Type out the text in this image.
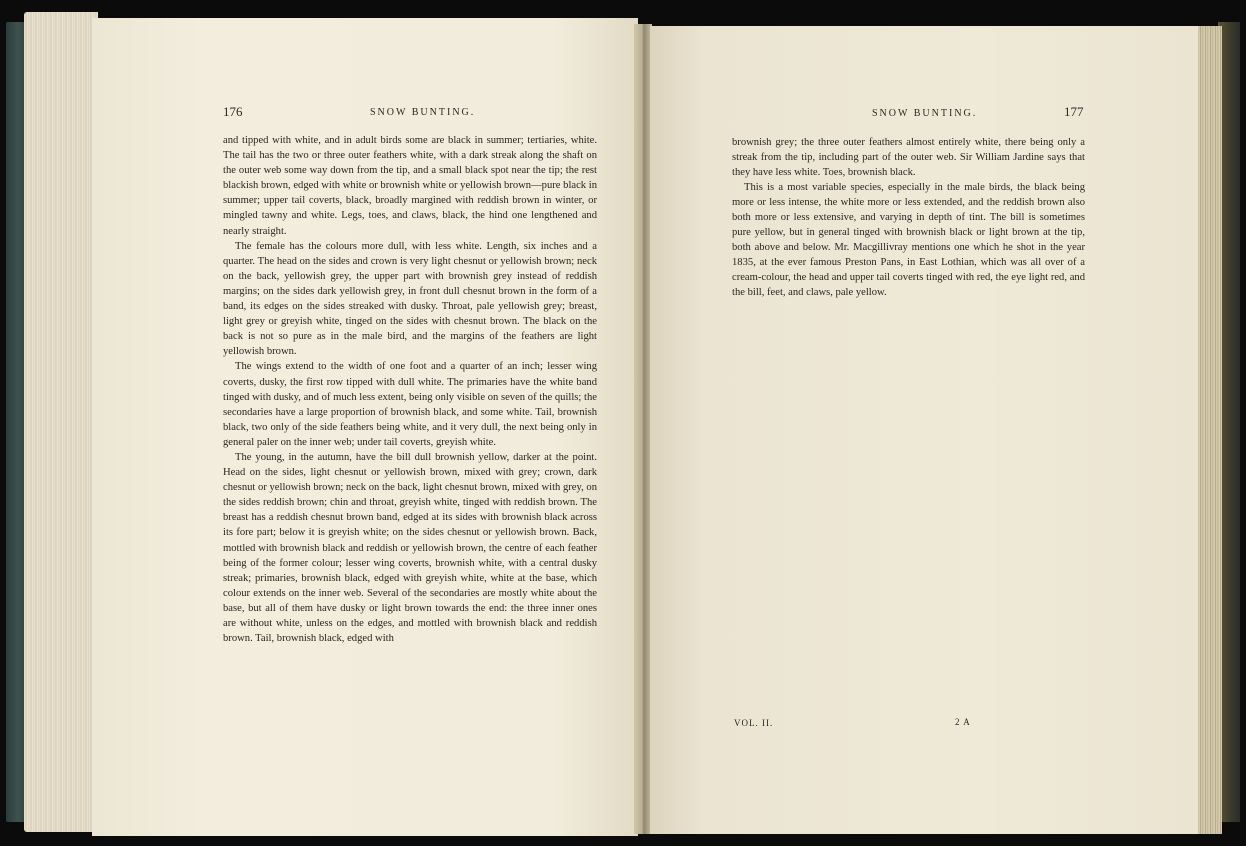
176	SNOW BUNTING.

and tipped with white, and in adult birds some are black in summer; tertiaries, white. The tail has the two or three outer feathers white, with a dark streak along the shaft on the outer web some way down from the tip, and a small black spot near the tip; the rest blackish brown, edged with white or brownish white or yellowish brown—pure black in summer; upper tail coverts, black, broadly margined with reddish brown in winter, or mingled tawny and white. Legs, toes, and claws, black, the hind one lengthened and nearly straight.

The female has the colours more dull, with less white. Length, six inches and a quarter. The head on the sides and crown is very light chesnut or yellowish brown; neck on the back, yellowish grey, the upper part with brownish grey instead of reddish margins; on the sides dark yellowish grey, in front dull chesnut brown in the form of a band, its edges on the sides streaked with dusky. Throat, pale yellowish grey; breast, light grey or greyish white, tinged on the sides with chesnut brown. The black on the back is not so pure as in the male bird, and the margins of the feathers are light yellowish brown.

The wings extend to the width of one foot and a quarter of an inch; lesser wing coverts, dusky, the first row tipped with dull white. The primaries have the white band tinged with dusky, and of much less extent, being only visible on seven of the quills; the secondaries have a large proportion of brownish black, and some white. Tail, brownish black, two only of the side feathers being white, and it very dull, the next being only in general paler on the inner web; under tail coverts, greyish white.

The young, in the autumn, have the bill dull brownish yellow, darker at the point. Head on the sides, light chesnut or yellowish brown, mixed with grey; crown, dark chesnut or yellowish brown; neck on the back, light chesnut brown, mixed with grey, on the sides reddish brown; chin and throat, greyish white, tinged with reddish brown. The breast has a reddish chesnut brown band, edged at its sides with brownish black across its fore part; below it is greyish white; on the sides chesnut or yellowish brown. Back, mottled with brownish black and reddish or yellowish brown, the centre of each feather being of the former colour; lesser wing coverts, brownish white, with a central dusky streak; primaries, brownish black, edged with greyish white, white at the base, which colour extends on the inner web. Several of the secondaries are mostly white about the base, but all of them have dusky or light brown towards the end: the three inner ones are without white, unless on the edges, and mottled with brownish black and reddish brown. Tail, brownish black, edged with

SNOW BUNTING.	177

brownish grey; the three outer feathers almost entirely white, there being only a streak from the tip, including part of the outer web. Sir William Jardine says that they have less white. Toes, brownish black.

This is a most variable species, especially in the male birds, the black being more or less intense, the white more or less extended, and the reddish brown also both more or less extensive, and varying in depth of tint. The bill is sometimes pure yellow, but in general tinged with brownish black or light brown at the tip, both above and below. Mr. Macgillivray mentions one which he shot in the year 1835, at the ever famous Preston Pans, in East Lothian, which was all over of a cream-colour, the head and upper tail coverts tinged with red, the eye light red, and the bill, feet, and claws, pale yellow.

VOL. II.	2 A
